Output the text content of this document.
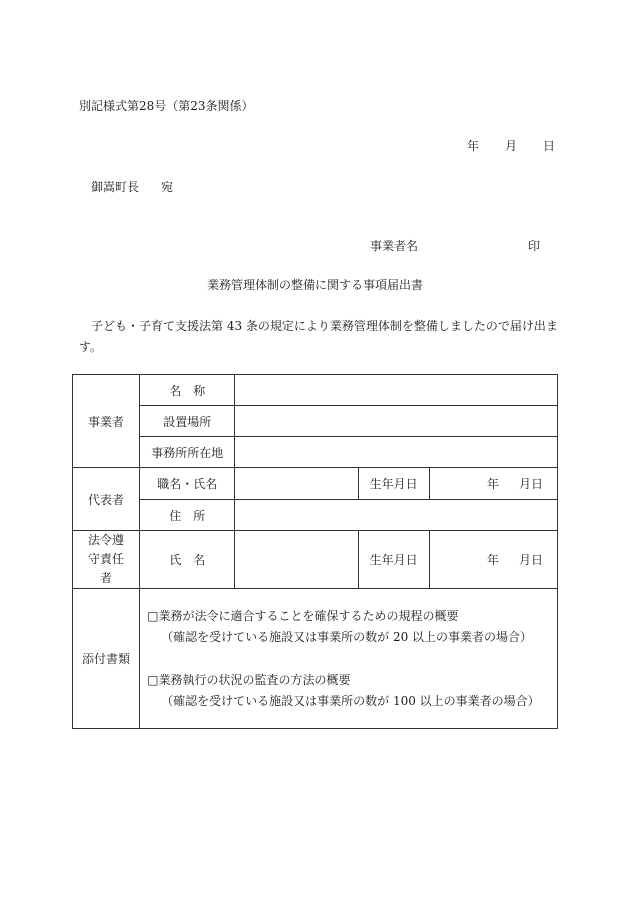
別記様式第28号（第23条関係）
年 月 日
御嵩町長 宛
事業者名	印
業務管理体制の整備に関する事項届出書
子ども・子育て支援法第 43 条の規定により業務管理体制を整備しましたので届け出ます。
事業者	名　称			
	設置場所			
	事務所所在地			
代表者	職名・氏名		生年月日	年 月日
	住　所			
法令遵守責任者	氏　名		生年月日	年 月日
添付書類	□業務が法令に適合することを確保するための規程の概要

（確認を受けている施設又は事業所の数が 20 以上の事業者の場合）

□業務執行の状況の監査の方法の概要

（確認を受けている施設又は事業所の数が 100 以上の事業者の場合）			
